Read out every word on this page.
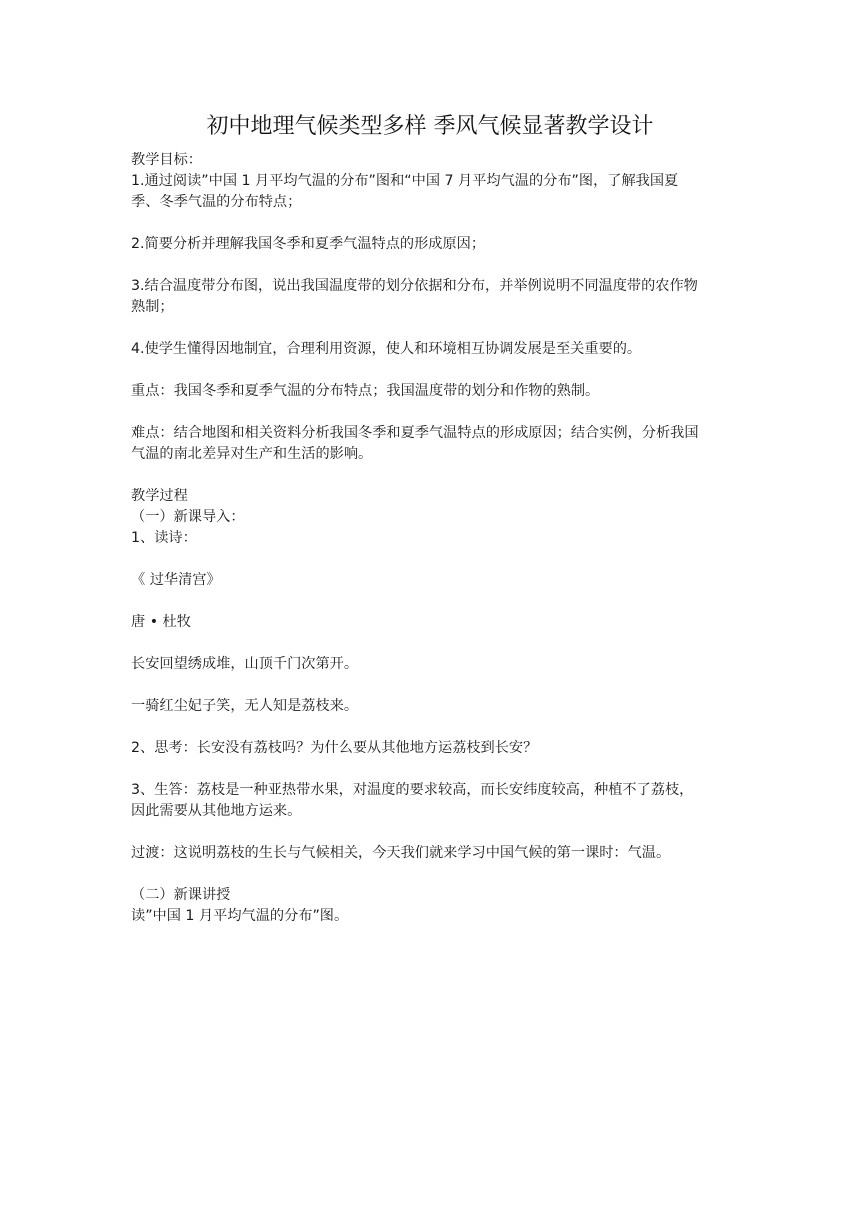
初中地理气候类型多样 季风气候显著教学设计

教学目标：

1.通过阅读”中国 1 月平均气温的分布”图和“中国 7 月平均气温的分布”图，了解我国夏

季、冬季气温的分布特点；

2.简要分析并理解我国冬季和夏季气温特点的形成原因；

3.结合温度带分布图，说出我国温度带的划分依据和分布，并举例说明不同温度带的农作物

熟制；

4.使学生懂得因地制宜，合理利用资源，使人和环境相互协调发展是至关重要的。

重点：我国冬季和夏季气温的分布特点；我国温度带的划分和作物的熟制。

难点：结合地图和相关资料分析我国冬季和夏季气温特点的形成原因；结合实例，分析我国

气温的南北差异对生产和生活的影响。

教学过程

（一）新课导入：

1、读诗：

《 过华清宫》

唐 • 杜牧

长安回望绣成堆，山顶千门次第开。

一骑红尘妃子笑，无人知是荔枝来。

2、思考：长安没有荔枝吗？为什么要从其他地方运荔枝到长安？

3、生答：荔枝是一种亚热带水果，对温度的要求较高，而长安纬度较高，种植不了荔枝，

因此需要从其他地方运来。

过渡：这说明荔枝的生长与气候相关，今天我们就来学习中国气候的第一课时：气温。

（二）新课讲授

读”中国 1 月平均气温的分布”图。
